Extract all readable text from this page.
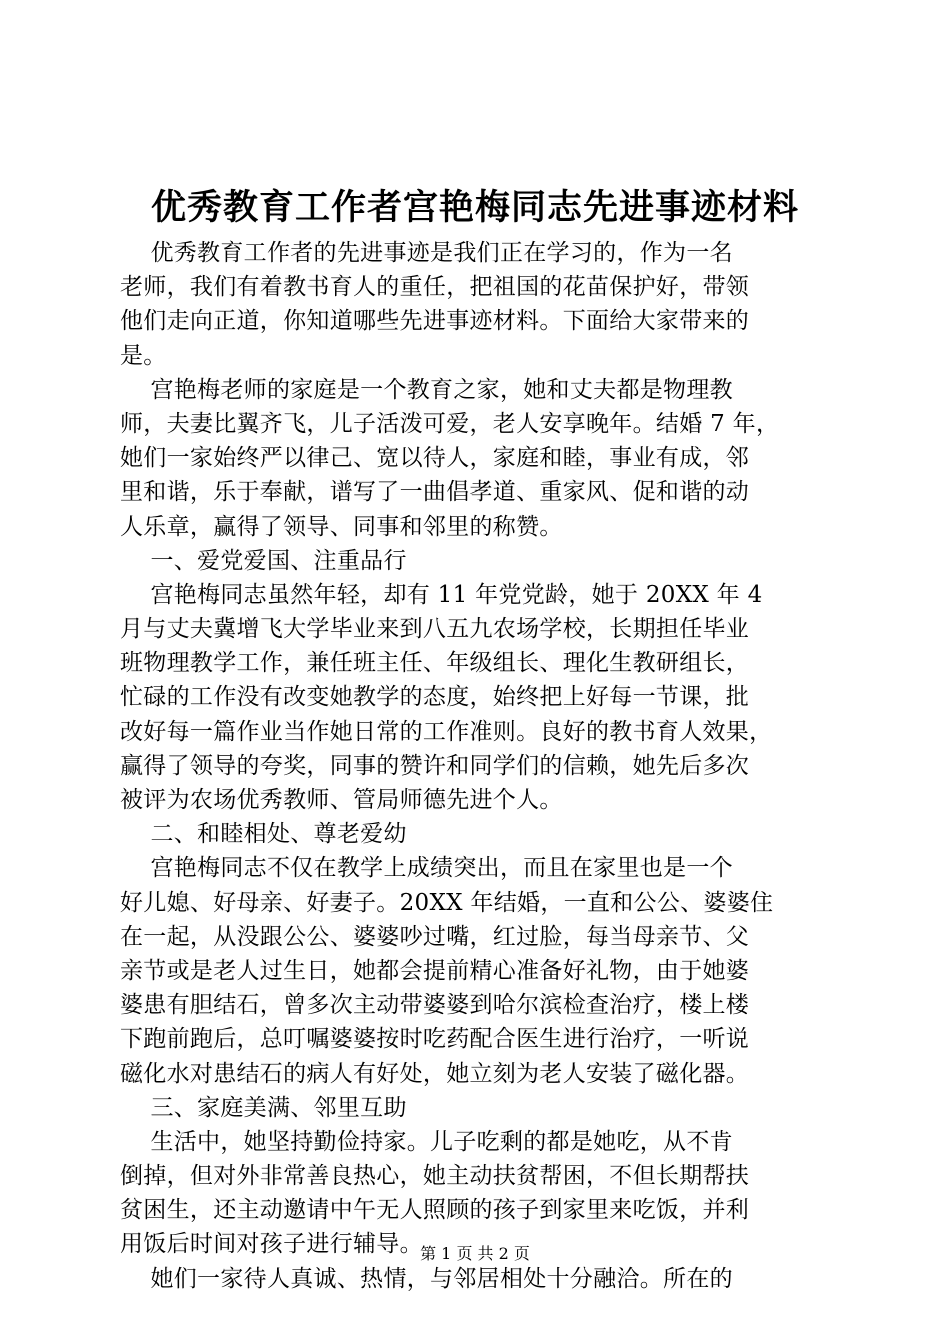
优秀教育工作者宫艳梅同志先进事迹材料
优秀教育工作者的先进事迹是我们正在学习的，作为一名
老师，我们有着教书育人的重任，把祖国的花苗保护好，带领
他们走向正道，你知道哪些先进事迹材料。下面给大家带来的
是。
宫艳梅老师的家庭是一个教育之家，她和丈夫都是物理教
师，夫妻比翼齐飞，儿子活泼可爱，老人安享晚年。结婚 7 年，
她们一家始终严以律己、宽以待人，家庭和睦，事业有成，邻
里和谐，乐于奉献，谱写了一曲倡孝道、重家风、促和谐的动
人乐章，赢得了领导、同事和邻里的称赞。
一、爱党爱国、注重品行
宫艳梅同志虽然年轻，却有 11 年党党龄，她于 20XX 年 4
月与丈夫冀增飞大学毕业来到八五九农场学校，长期担任毕业
班物理教学工作，兼任班主任、年级组长、理化生教研组长，
忙碌的工作没有改变她教学的态度，始终把上好每一节课，批
改好每一篇作业当作她日常的工作准则。良好的教书育人效果，
赢得了领导的夸奖，同事的赞许和同学们的信赖，她先后多次
被评为农场优秀教师、管局师德先进个人。
二、和睦相处、尊老爱幼
宫艳梅同志不仅在教学上成绩突出，而且在家里也是一个
好儿媳、好母亲、好妻子。20XX 年结婚，一直和公公、婆婆住
在一起，从没跟公公、婆婆吵过嘴，红过脸，每当母亲节、父
亲节或是老人过生日，她都会提前精心准备好礼物，由于她婆
婆患有胆结石，曾多次主动带婆婆到哈尔滨检查治疗，楼上楼
下跑前跑后，总叮嘱婆婆按时吃药配合医生进行治疗，一听说
磁化水对患结石的病人有好处，她立刻为老人安装了磁化器。
三、家庭美满、邻里互助
生活中，她坚持勤俭持家。儿子吃剩的都是她吃，从不肯
倒掉，但对外非常善良热心，她主动扶贫帮困，不但长期帮扶
贫困生，还主动邀请中午无人照顾的孩子到家里来吃饭，并利
用饭后时间对孩子进行辅导。
她们一家待人真诚、热情，与邻居相处十分融洽。所在的
第 1 页 共 2 页
